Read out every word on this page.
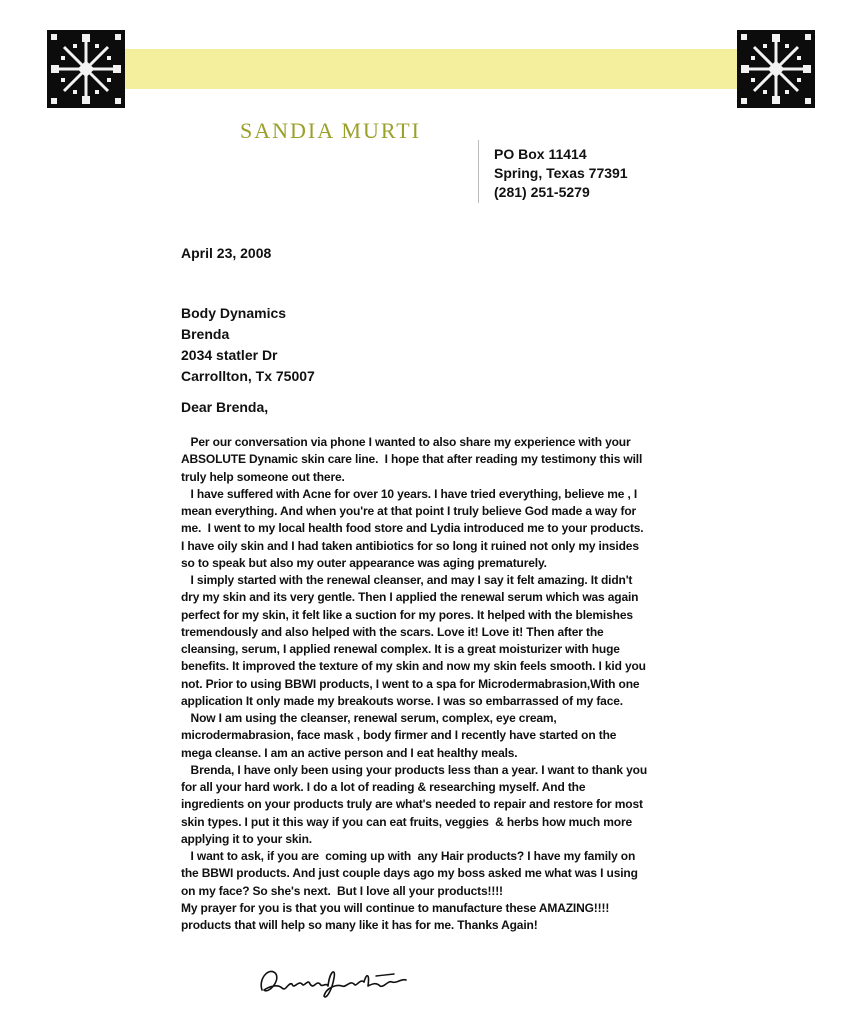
SANDIA MURTI
PO Box 11414
Spring, Texas 77391
(281) 251-5279
April 23, 2008
Body Dynamics
Brenda
2034 statler Dr
Carrollton, Tx 75007
Dear Brenda,
Per our conversation via phone I wanted to also share my experience with your
ABSOLUTE Dynamic skin care line.  I hope that after reading my testimony this will
truly help someone out there.
I have suffered with Acne for over 10 years. I have tried everything, believe me , I
mean everything. And when you're at that point I truly believe God made a way for
me.  I went to my local health food store and Lydia introduced me to your products.
I have oily skin and I had taken antibiotics for so long it ruined not only my insides
so to speak but also my outer appearance was aging prematurely.
I simply started with the renewal cleanser, and may I say it felt amazing. It didn't
dry my skin and its very gentle. Then I applied the renewal serum which was again
perfect for my skin, it felt like a suction for my pores. It helped with the blemishes
tremendously and also helped with the scars. Love it! Love it! Then after the
cleansing, serum, I applied renewal complex. It is a great moisturizer with huge
benefits. It improved the texture of my skin and now my skin feels smooth. I kid you
not. Prior to using BBWI products, I went to a spa for Microdermabrasion,With one
application It only made my breakouts worse. I was so embarrassed of my face.
Now I am using the cleanser, renewal serum, complex, eye cream,
microdermabrasion, face mask , body firmer and I recently have started on the
mega cleanse. I am an active person and I eat healthy meals.
Brenda, I have only been using your products less than a year. I want to thank you
for all your hard work. I do a lot of reading & researching myself. And the
ingredients on your products truly are what's needed to repair and restore for most
skin types. I put it this way if you can eat fruits, veggies  & herbs how much more
applying it to your skin.
I want to ask, if you are  coming up with  any Hair products? I have my family on
the BBWI products. And just couple days ago my boss asked me what was I using
on my face? So she's next.  But I love all your products!!!!
My prayer for you is that you will continue to manufacture these AMAZING!!!!
products that will help so many like it has for me. Thanks Again!
